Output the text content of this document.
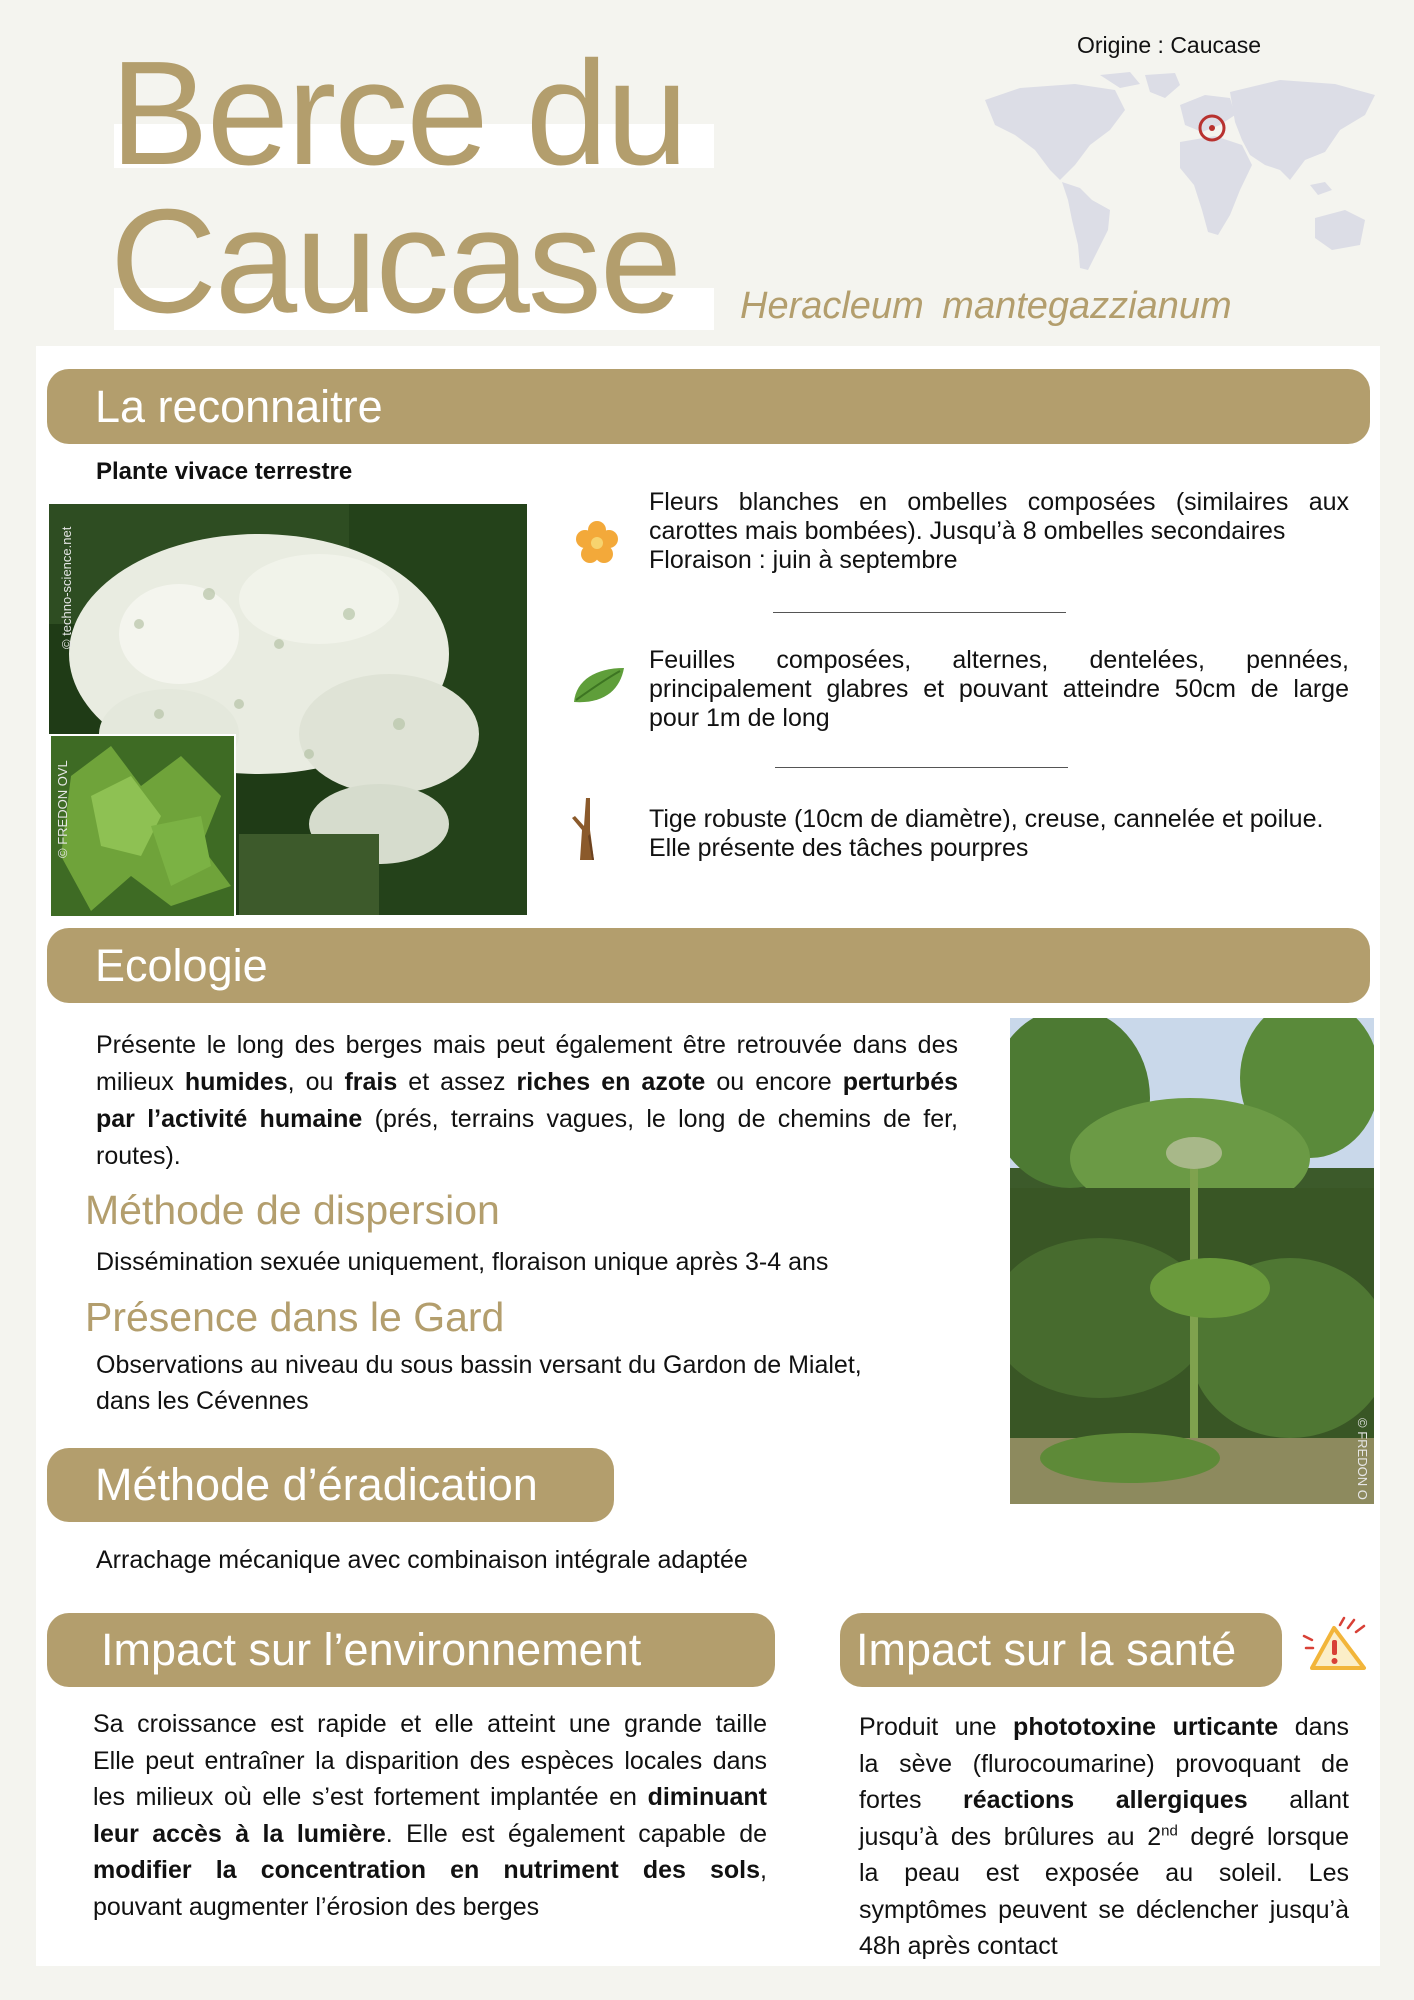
Berce du
Caucase
Origine : Caucase
Heracleum mantegazzianum
La reconnaitre
Plante vivace terrestre
© techno-science.net
© FREDON OVL
Fleurs blanches en ombelles composées (similaires aux
carottes mais bombées). Jusqu’à 8 ombelles secondaires
Floraison : juin à septembre
Feuilles composées, alternes, dentelées, pennées,
principalement glabres et pouvant atteindre 50cm de large
pour 1m de long
Tige robuste (10cm de diamètre), creuse, cannelée et poilue.
Elle présente des tâches pourpres
Ecologie
Présente le long des berges mais peut également être retrouvée dans des
milieux humides, ou frais et assez riches en azote ou encore perturbés
par l’activité humaine (prés, terrains vagues, le long de chemins de fer,
routes).
Méthode de dispersion
Dissémination sexuée uniquement, floraison unique après 3-4 ans
Présence dans le Gard
Observations au niveau du sous bassin versant du Gardon de Mialet,
dans les Cévennes
© FREDON O
Méthode d’éradication
Arrachage mécanique avec combinaison intégrale adaptée
Impact sur l’environnement
Sa croissance est rapide et elle atteint une grande taille
Elle peut entraîner la disparition des espèces locales dans
les milieux où elle s’est fortement implantée en diminuant
leur accès à la lumière. Elle est également capable de
modifier la concentration en nutriment des sols,
pouvant augmenter l’érosion des berges
Impact sur la santé
Produit une phototoxine urticante dans
la sève (flurocoumarine) provoquant de
fortes réactions allergiques allant
jusqu’à des brûlures au 2nd degré lorsque
la peau est exposée au soleil. Les
symptômes peuvent se déclencher jusqu’à
48h après contact
